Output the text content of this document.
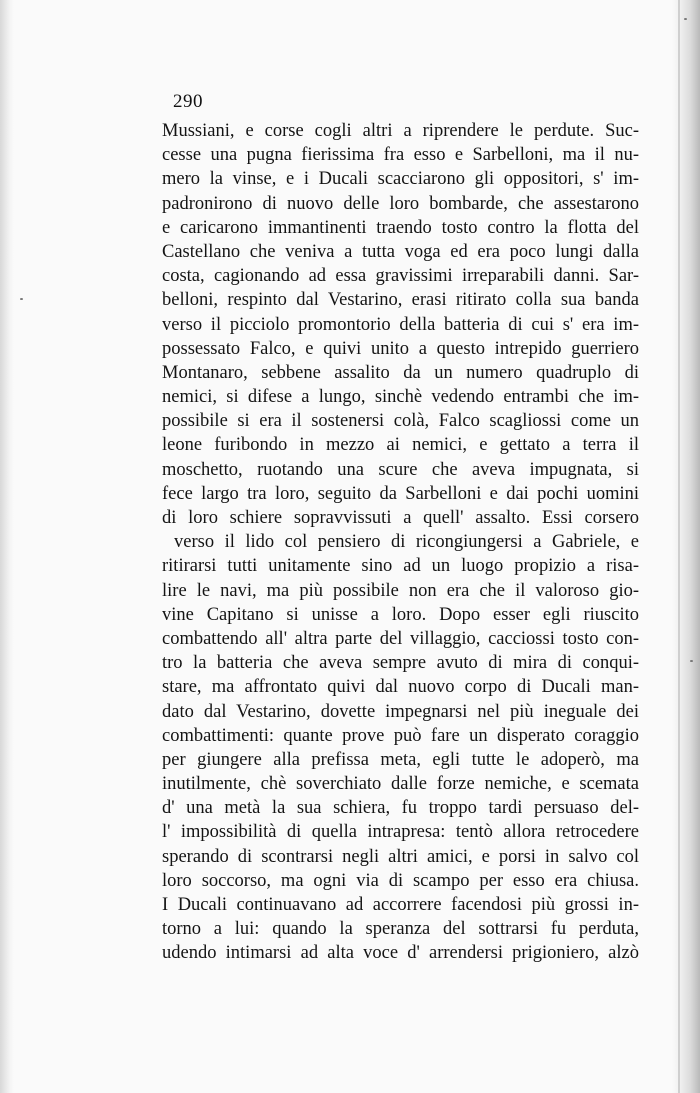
290
Mussiani, e corse cogli altri a riprendere le perdute. Suc-
cesse una pugna fierissima fra esso e Sarbelloni, ma il nu-
mero la vinse, e i Ducali scacciarono gli oppositori, s' im-
padronirono di nuovo delle loro bombarde, che assestarono
e caricarono immantinenti traendo tosto contro la flotta del
Castellano che veniva a tutta voga ed era poco lungi dalla
costa, cagionando ad essa gravissimi irreparabili danni. Sar-
belloni, respinto dal Vestarino, erasi ritirato colla sua banda
verso il picciolo promontorio della batteria di cui s' era im-
possessato Falco, e quivi unito a questo intrepido guerriero
Montanaro, sebbene assalito da un numero quadruplo di
nemici, si difese a lungo, sinchè vedendo entrambi che im-
possibile si era il sostenersi colà, Falco scagliossi come un
leone furibondo in mezzo ai nemici, e gettato a terra il
moschetto, ruotando una scure che aveva impugnata, si
fece largo tra loro, seguito da Sarbelloni e dai pochi uomini
di loro schiere sopravvissuti a quell' assalto. Essi corsero
verso il lido col pensiero di ricongiungersi a Gabriele, e
ritirarsi tutti unitamente sino ad un luogo propizio a risa-
lire le navi, ma più possibile non era che il valoroso gio-
vine Capitano si unisse a loro. Dopo esser egli riuscito
combattendo all' altra parte del villaggio, cacciossi tosto con-
tro la batteria che aveva sempre avuto di mira di conqui-
stare, ma affrontato quivi dal nuovo corpo di Ducali man-
dato dal Vestarino, dovette impegnarsi nel più ineguale dei
combattimenti: quante prove può fare un disperato coraggio
per giungere alla prefissa meta, egli tutte le adoperò, ma
inutilmente, chè soverchiato dalle forze nemiche, e scemata
d' una metà la sua schiera, fu troppo tardi persuaso del-
l' impossibilità di quella intrapresa: tentò allora retrocedere
sperando di scontrarsi negli altri amici, e porsi in salvo col
loro soccorso, ma ogni via di scampo per esso era chiusa.
I Ducali continuavano ad accorrere facendosi più grossi in-
torno a lui: quando la speranza del sottrarsi fu perduta,
udendo intimarsi ad alta voce d' arrendersi prigioniero, alzò
